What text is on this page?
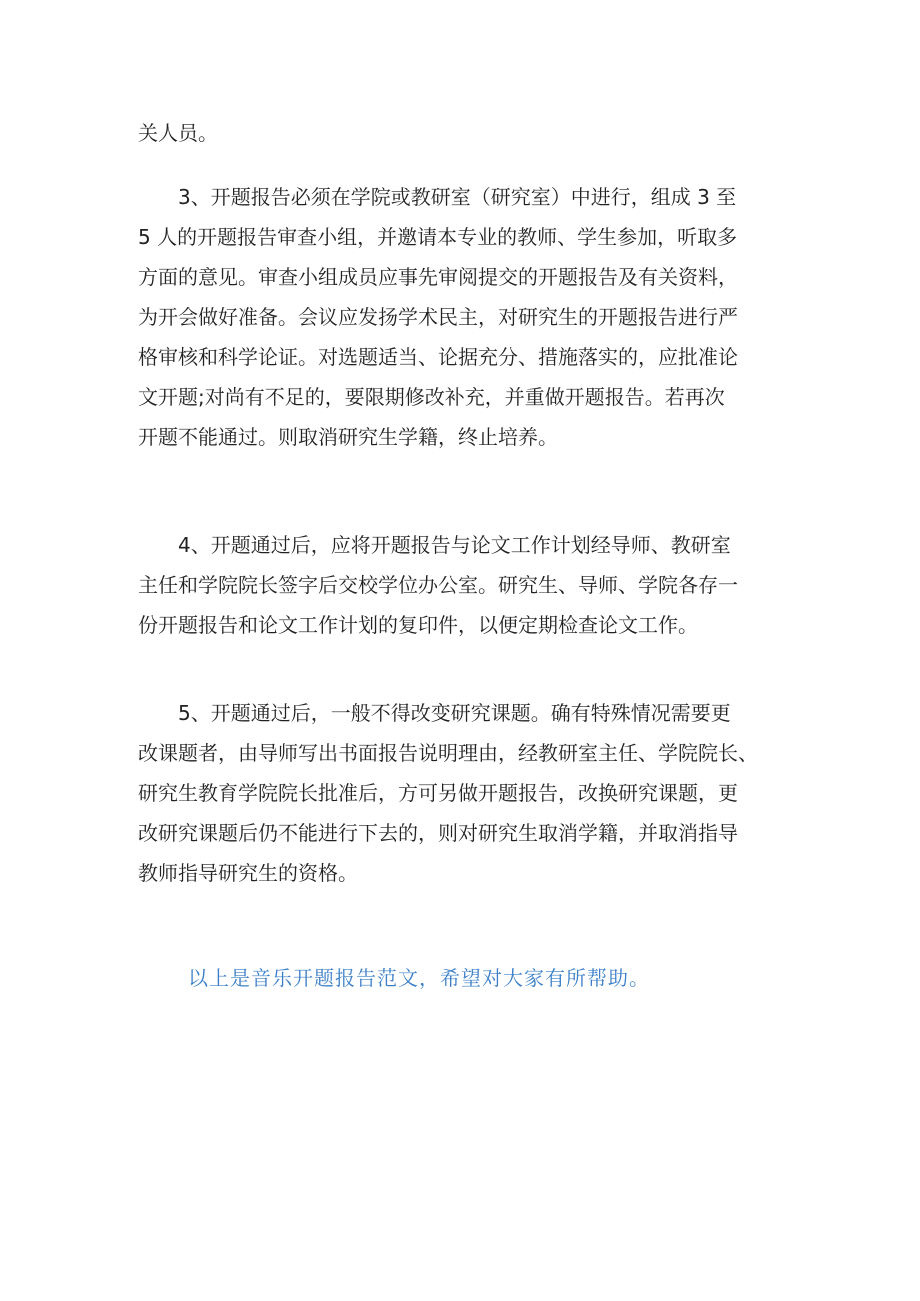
关人员。
　　3、开题报告必须在学院或教研室（研究室）中进行，组成 3 至
5 人的开题报告审查小组，并邀请本专业的教师、学生参加，听取多
方面的意见。审查小组成员应事先审阅提交的开题报告及有关资料，
为开会做好准备。会议应发扬学术民主，对研究生的开题报告进行严
格审核和科学论证。对选题适当、论据充分、措施落实的，应批准论
文开题;对尚有不足的，要限期修改补充，并重做开题报告。若再次
开题不能通过。则取消研究生学籍，终止培养。
　　4、开题通过后，应将开题报告与论文工作计划经导师、教研室
主任和学院院长签字后交校学位办公室。研究生、导师、学院各存一
份开题报告和论文工作计划的复印件，以便定期检查论文工作。
　　5、开题通过后，一般不得改变研究课题。确有特殊情况需要更
改课题者，由导师写出书面报告说明理由，经教研室主任、学院院长、
研究生教育学院院长批准后，方可另做开题报告，改换研究课题，更
改研究课题后仍不能进行下去的，则对研究生取消学籍，并取消指导
教师指导研究生的资格。
以上是音乐开题报告范文，希望对大家有所帮助。
